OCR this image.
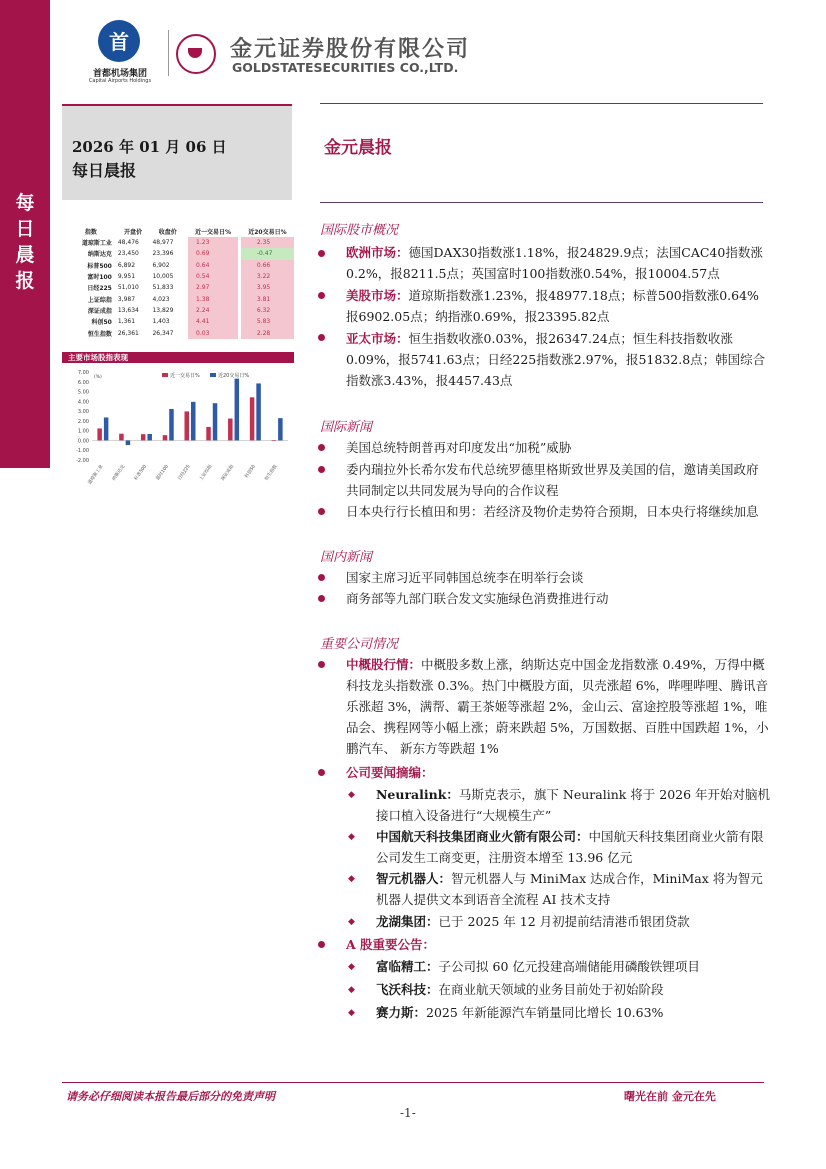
每日晨报
首
首都机场集团
Capital Airports Holdings
金元证券股份有限公司
GOLDSTATESECURITIES CO.,LTD.
2026 年 01 月 06 日
每日晨报
金元晨报
指数	开盘价	收盘价		近一交易日%		近20交易日%
道琼斯工业	48,476	48,977		1.23		2.35
纳斯达克	23,450	23,396		0.69		-0.47
标普500	6,892	6,902		0.64		0.66
富时100	9,951	10,005		0.54		3.22
日经225	51,010	51,833		2.97		3.95
上证综指	3,987	4,023		1.38		3.81
深证成指	13,634	13,829		2.24		6.32
科创50	1,361	1,403		4.41		5.83
恒生指数	26,361	26,347		0.03		2.28
主要市场股指表现
7.00
6.00
5.00
4.00
3.00
2.00
1.00
0.00
-1.00
-2.00
(%)	近一交易日%	近20交易日%
道琼斯工业	纳斯达克	标普500	富时100	日经225	上证综指	深证成指	科创50	恒生指数
国际股市概况
欧洲市场：德国DAX30指数涨1.18%，报24829.9点；法国CAC40指数涨0.2%，报8211.5点；英国富时100指数涨0.54%，报10004.57点
美股市场：道琼斯指数涨1.23%，报48977.18点；标普500指数涨0.64%报6902.05点；纳指涨0.69%，报23395.82点
亚太市场：恒生指数收涨0.03%，报26347.24点；恒生科技指数收涨0.09%，报5741.63点；日经225指数涨2.97%，报51832.8点；韩国综合指数涨3.43%，报4457.43点
国际新闻
美国总统特朗普再对印度发出“加税”威胁
委内瑞拉外长希尔发布代总统罗德里格斯致世界及美国的信，邀请美国政府共同制定以共同发展为导向的合作议程
日本央行行长植田和男：若经济及物价走势符合预期，日本央行将继续加息
国内新闻
国家主席习近平同韩国总统李在明举行会谈
商务部等九部门联合发文实施绿色消费推进行动
重要公司情况
中概股行情：中概股多数上涨，纳斯达克中国金龙指数涨 0.49%，万得中概科技龙头指数涨 0.3%。热门中概股方面，贝壳涨超 6%，哔哩哔哩、腾讯音乐涨超 3%，满帮、霸王茶姬等涨超 2%，金山云、富途控股等涨超 1%，唯品会、携程网等小幅上涨；蔚来跌超 5%，万国数据、百胜中国跌超 1%，小鹏汽车、 新东方等跌超 1%
公司要闻摘编：
◆ Neuralink：马斯克表示，旗下 Neuralink 将于 2026 年开始对脑机接口植入设备进行“大规模生产”
◆ 中国航天科技集团商业火箭有限公司：中国航天科技集团商业火箭有限公司发生工商变更，注册资本增至 13.96 亿元
◆ 智元机器人：智元机器人与 MiniMax 达成合作，MiniMax 将为智元机器人提供文本到语音全流程 AI 技术支持
◆ 龙湖集团：已于 2025 年 12 月初提前结清港币银团贷款
A 股重要公告：
◆ 富临精工：子公司拟 60 亿元投建高端储能用磷酸铁锂项目
◆ 飞沃科技：在商业航天领域的业务目前处于初始阶段
◆ 赛力斯：2025 年新能源汽车销量同比增长 10.63%
请务必仔细阅读本报告最后部分的免责声明	曙光在前 金元在先
-1-
